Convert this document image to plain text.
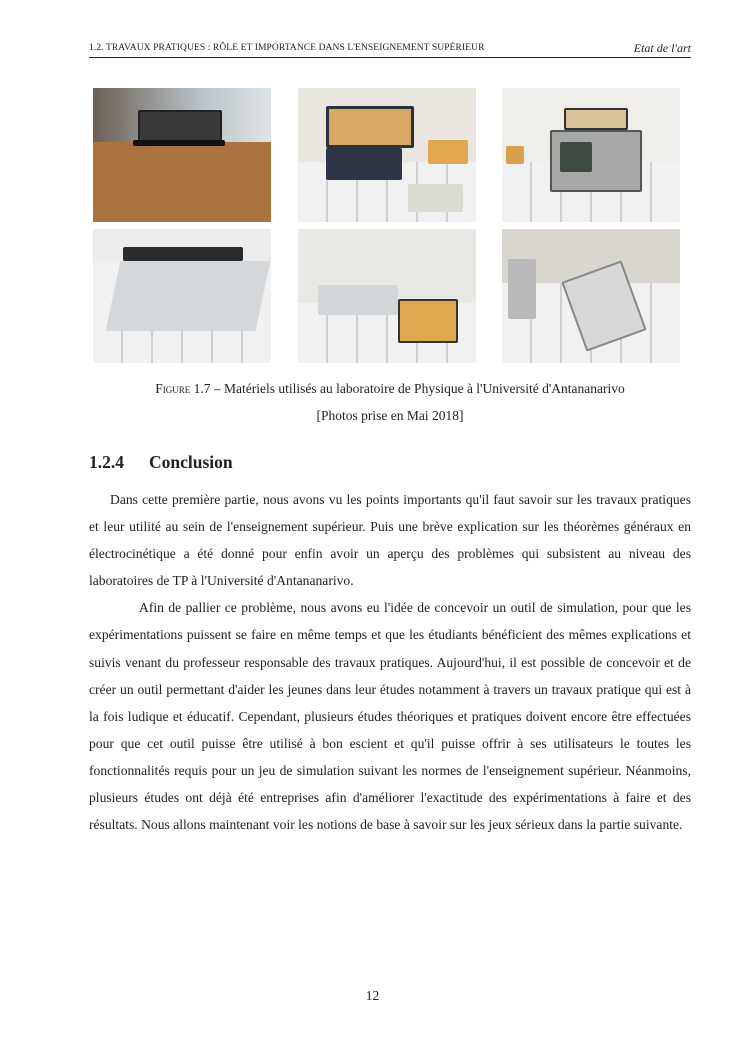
1.2. TRAVAUX PRATIQUES : RÔLE ET IMPORTANCE DANS L'ENSEIGNEMENT SUPÉRIEUR	Etat de l'art
Figure 1.7 – Matériels utilisés au laboratoire de Physique à l'Université d'Antananarivo
[Photos prise en Mai 2018]
1.2.4 Conclusion

Dans cette première partie, nous avons vu les points importants qu'il faut savoir sur les travaux pratiques et leur utilité au sein de l'enseignement supérieur. Puis une brève explication sur les théorèmes généraux en électrocinétique a été donné pour enfin avoir un aperçu des problèmes qui subsistent au niveau des laboratoires de TP à l'Université d'Antananarivo.

Afin de pallier ce problème, nous avons eu l'idée de concevoir un outil de simulation, pour que les expérimentations puissent se faire en même temps et que les étudiants bénéficient des mêmes explications et suivis venant du professeur responsable des travaux pratiques. Aujourd'hui, il est possible de concevoir et de créer un outil permettant d'aider les jeunes dans leur études notamment à travers un travaux pratique qui est à la fois ludique et éducatif. Cependant, plusieurs études théoriques et pratiques doivent encore être effectuées pour que cet outil puisse être utilisé à bon escient et qu'il puisse offrir à ses utilisateurs le toutes les fonctionnalités requis pour un jeu de simulation suivant les normes de l'enseignement supérieur. Néanmoins, plusieurs études ont déjà été entreprises afin d'améliorer l'exactitude des expérimentations à faire et des résultats. Nous allons maintenant voir les notions de base à savoir sur les jeux sérieux dans la partie suivante.

12
